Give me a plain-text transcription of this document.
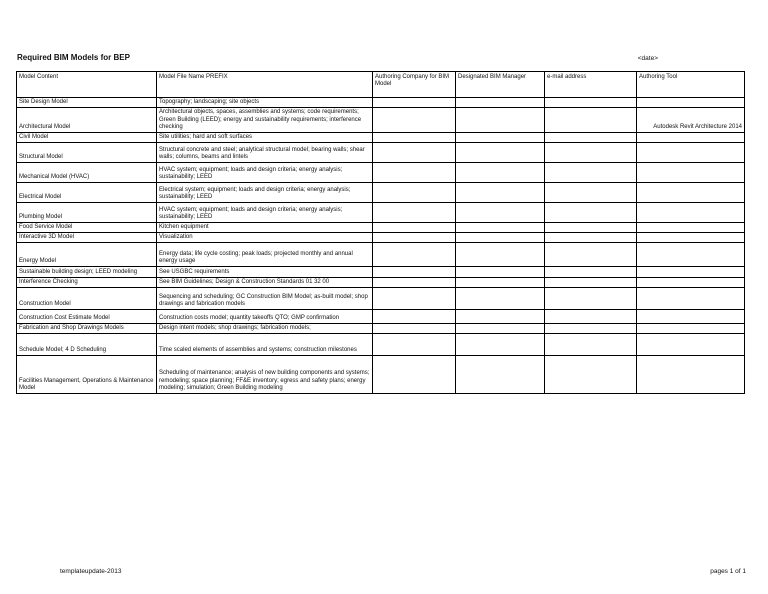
Required BIM Models for BEP	<date>
Model Content	Model File Name PREFIX	Authoring Company for BIM Model	Designated BIM Manager	e-mail address	Authoring Tool
Site Design Model	Topography; landscaping; site objects				
Architectural Model	Architectural objects, spaces, assemblies and systems; code requirements; Green Building (LEED); energy and sustainability requirements; interference checking				Autodesk Revit Architecture 2014
Civil Model	Site utilities; hard and soft surfaces				
Structural Model	Structural concrete and steel; analytical structural model; bearing walls; shear walls; columns, beams and lintels				
Mechanical Model (HVAC)	HVAC system; equipment; loads and design criteria; energy analysis; sustainability; LEED				
Electrical Model	Electrical system; equipment; loads and design criteria; energy analysis; sustainability; LEED				
Plumbing Model	HVAC system; equipment; loads and design criteria; energy analysis; sustainability; LEED				
Food Service Model	Kitchen equipment				
Interactive 3D Model	Visualization				
Energy Model	Energy data; life cycle costing; peak loads; projected monthly and annual energy usage				
Sustainable building design; LEED modeling	See USGBC requirements				
Interference Checking	See BIM Guidelines; Design & Construction Standards 01 32 00				
Construction Model	Sequencing and scheduling; GC Construction BIM Model; as-built model; shop drawings and fabrication models				
Construction Cost Estimate Model	Construction costs model; quantity takeoffs QTO; GMP confirmation				
Fabrication and Shop Drawings Models	Design intent models; shop drawings; fabrication models;				
Schedule Model; 4 D Scheduling	Time scaled elements of assemblies and systems; construction milestones				
Facilities Management, Operations & Maintenance Model	Scheduling of maintenance; analysis of new building components and systems; remodeling; space planning; FF&E inventory; egress and safety plans; energy modeling; simulation; Green Building modeling				
templateupdate-2013	pages 1 of 1
